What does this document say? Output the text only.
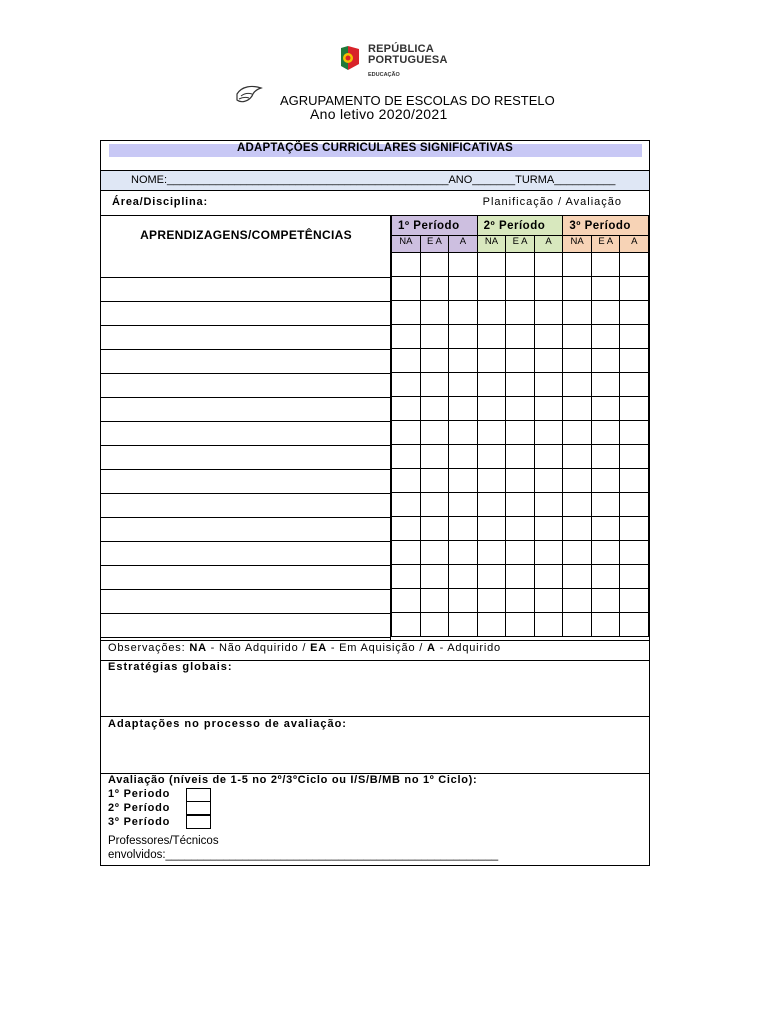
REPÚBLICA
PORTUGUESA
EDUCAÇÃO
AGRUPAMENTO DE ESCOLAS DO RESTELO
Ano letivo 2020/2021
ADAPTAÇÕES CURRICULARES SIGNIFICATIVAS
NOME:______________________________________________ANO_______TURMA__________
Área/Disciplina:	Planificação / Avaliação
APRENDIZAGENS/COMPETÊNCIAS
1º Período			2º Período			3º Período		
NA	E A	A	NA	E A	A	NA	E A	A

Observações: NA - Não Adquirido / EA - Em Aquisição / A - Adquirido
Estratégias globais:
Adaptações no processo de avaliação:
Avaliação (níveis de 1-5 no 2º/3ºCiclo ou I/S/B/MB no 1º Ciclo):
1º Periodo
2º Período
3º Período
Professores/Técnicos
envolvidos:____________________________________________________
